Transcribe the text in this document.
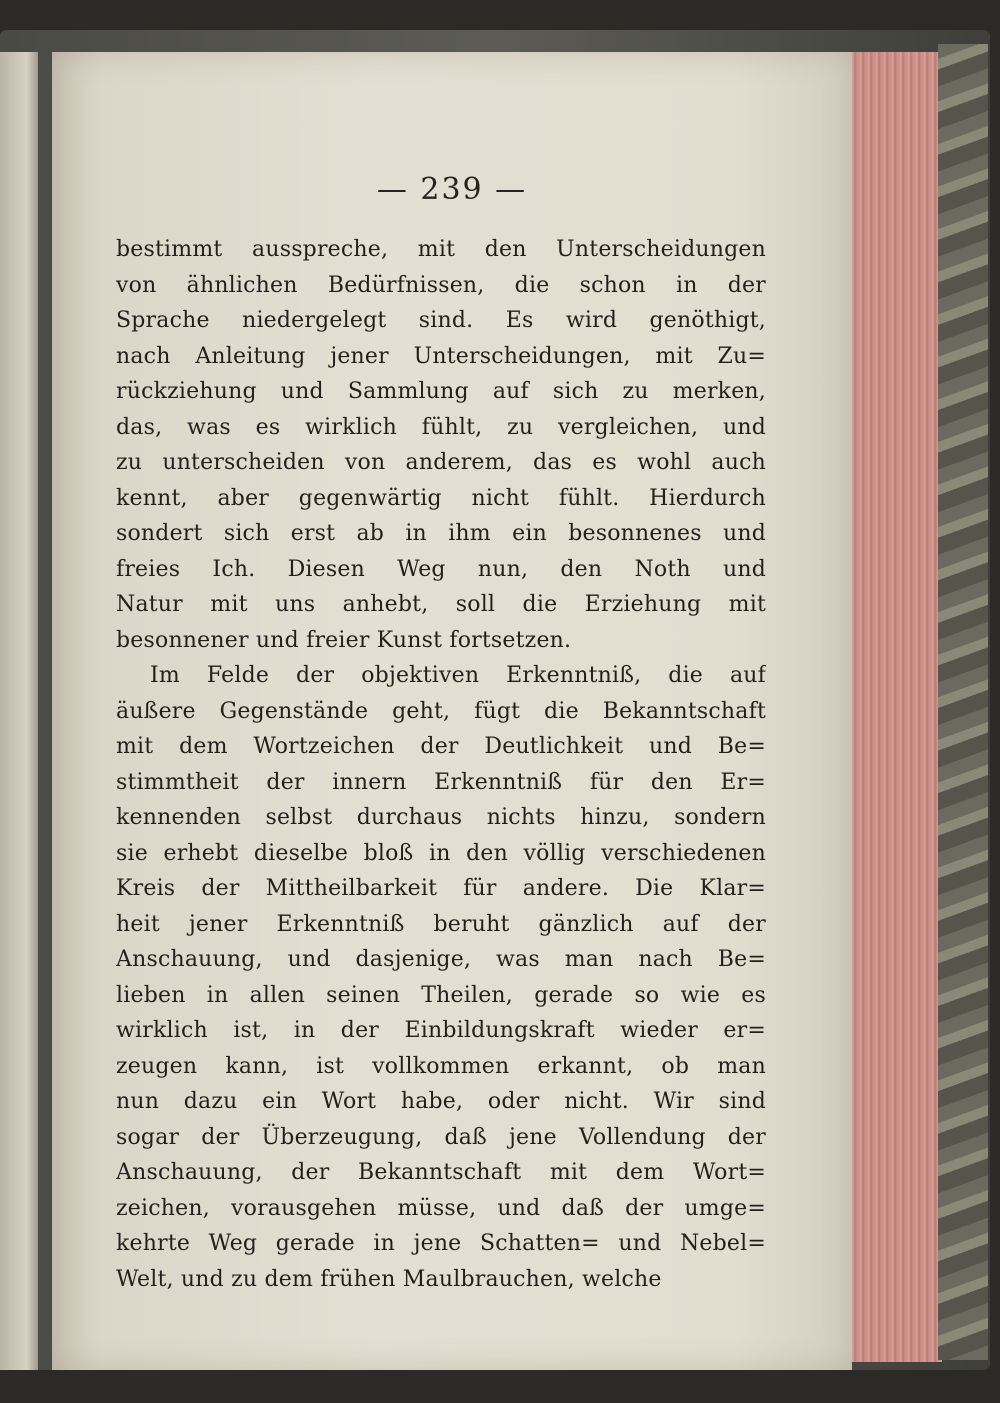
— 239 —
bestimmt ausspreche, mit den Unterscheidungen
von ähnlichen Bedürfnissen, die schon in der
Sprache niedergelegt sind. Es wird genöthigt,
nach Anleitung jener Unterscheidungen, mit Zu=
rückziehung und Sammlung auf sich zu merken,
das, was es wirklich fühlt, zu vergleichen, und
zu unterscheiden von anderem, das es wohl auch
kennt, aber gegenwärtig nicht fühlt. Hierdurch
sondert sich erst ab in ihm ein besonnenes und
freies Ich. Diesen Weg nun, den Noth und
Natur mit uns anhebt, soll die Erziehung mit
besonnener und freier Kunst fortsetzen.
Im Felde der objektiven Erkenntniß, die auf
äußere Gegenstände geht, fügt die Bekanntschaft
mit dem Wortzeichen der Deutlichkeit und Be=
stimmtheit der innern Erkenntniß für den Er=
kennenden selbst durchaus nichts hinzu, sondern
sie erhebt dieselbe bloß in den völlig verschiedenen
Kreis der Mittheilbarkeit für andere. Die Klar=
heit jener Erkenntniß beruht gänzlich auf der
Anschauung, und dasjenige, was man nach Be=
lieben in allen seinen Theilen, gerade so wie es
wirklich ist, in der Einbildungskraft wieder er=
zeugen kann, ist vollkommen erkannt, ob man
nun dazu ein Wort habe, oder nicht. Wir sind
sogar der Überzeugung, daß jene Vollendung der
Anschauung, der Bekanntschaft mit dem Wort=
zeichen, vorausgehen müsse, und daß der umge=
kehrte Weg gerade in jene Schatten= und Nebel=
Welt, und zu dem frühen Maulbrauchen, welche
